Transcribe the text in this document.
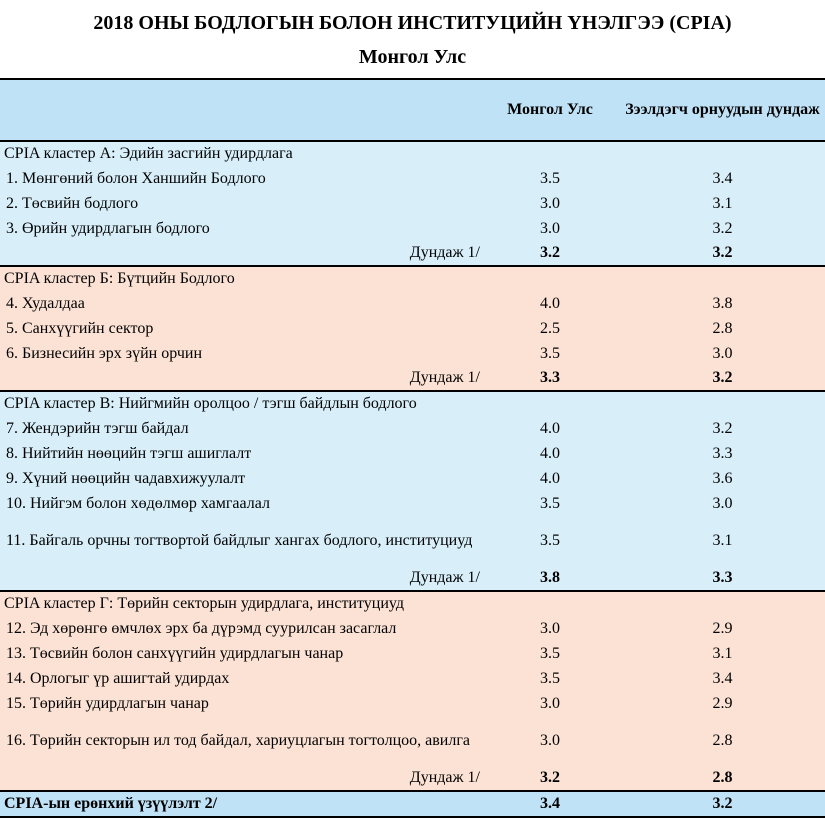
2018 ОНЫ БОДЛОГЫН БОЛОН ИНСТИТУЦИЙН ҮНЭЛГЭЭ (CPIA)
Монгол Улс
	Монгол Улс	Зээлдэгч орнуудын дундаж
CPIA кластер А: Эдийн засгийн удирдлага		
1. Мөнгөний болон Ханшийн Бодлого	3.5	3.4
2. Төсвийн бодлого	3.0	3.1
3. Өрийн удирдлагын бодлого	3.0	3.2
Дундаж 1/	3.2	3.2
CPIA кластер Б: Бүтцийн Бодлого		
4. Худалдаа	4.0	3.8
5. Санхүүгийн сектор	2.5	2.8
6. Бизнесийн эрх зүйн орчин	3.5	3.0
Дундаж 1/	3.3	3.2
CPIA кластер В: Нийгмийн оролцоо / тэгш байдлын бодлого		
7. Жендэрийн тэгш байдал	4.0	3.2
8. Нийтийн нөөцийн тэгш ашиглалт	4.0	3.3
9. Хүний нөөцийн чадавхижуулалт	4.0	3.6
10. Нийгэм болон хөдөлмөр хамгаалал	3.5	3.0
11. Байгаль орчны тогтвортой байдлыг хангах бодлого, институциуд	3.5	3.1
Дундаж 1/	3.8	3.3
CPIA кластер Г: Төрийн секторын удирдлага, институциуд		
12. Эд хөрөнгө өмчлөх эрх ба дүрэмд суурилсан засаглал	3.0	2.9
13. Төсвийн болон санхүүгийн удирдлагын чанар	3.5	3.1
14. Орлогыг үр ашигтай удирдах	3.5	3.4
15. Төрийн удирдлагын чанар	3.0	2.9
16. Төрийн секторын ил тод байдал, хариуцлагын тогтолцоо, авилга	3.0	2.8
Дундаж 1/	3.2	2.8
CPIA-ын ерөнхий үзүүлэлт 2/	3.4	3.2
